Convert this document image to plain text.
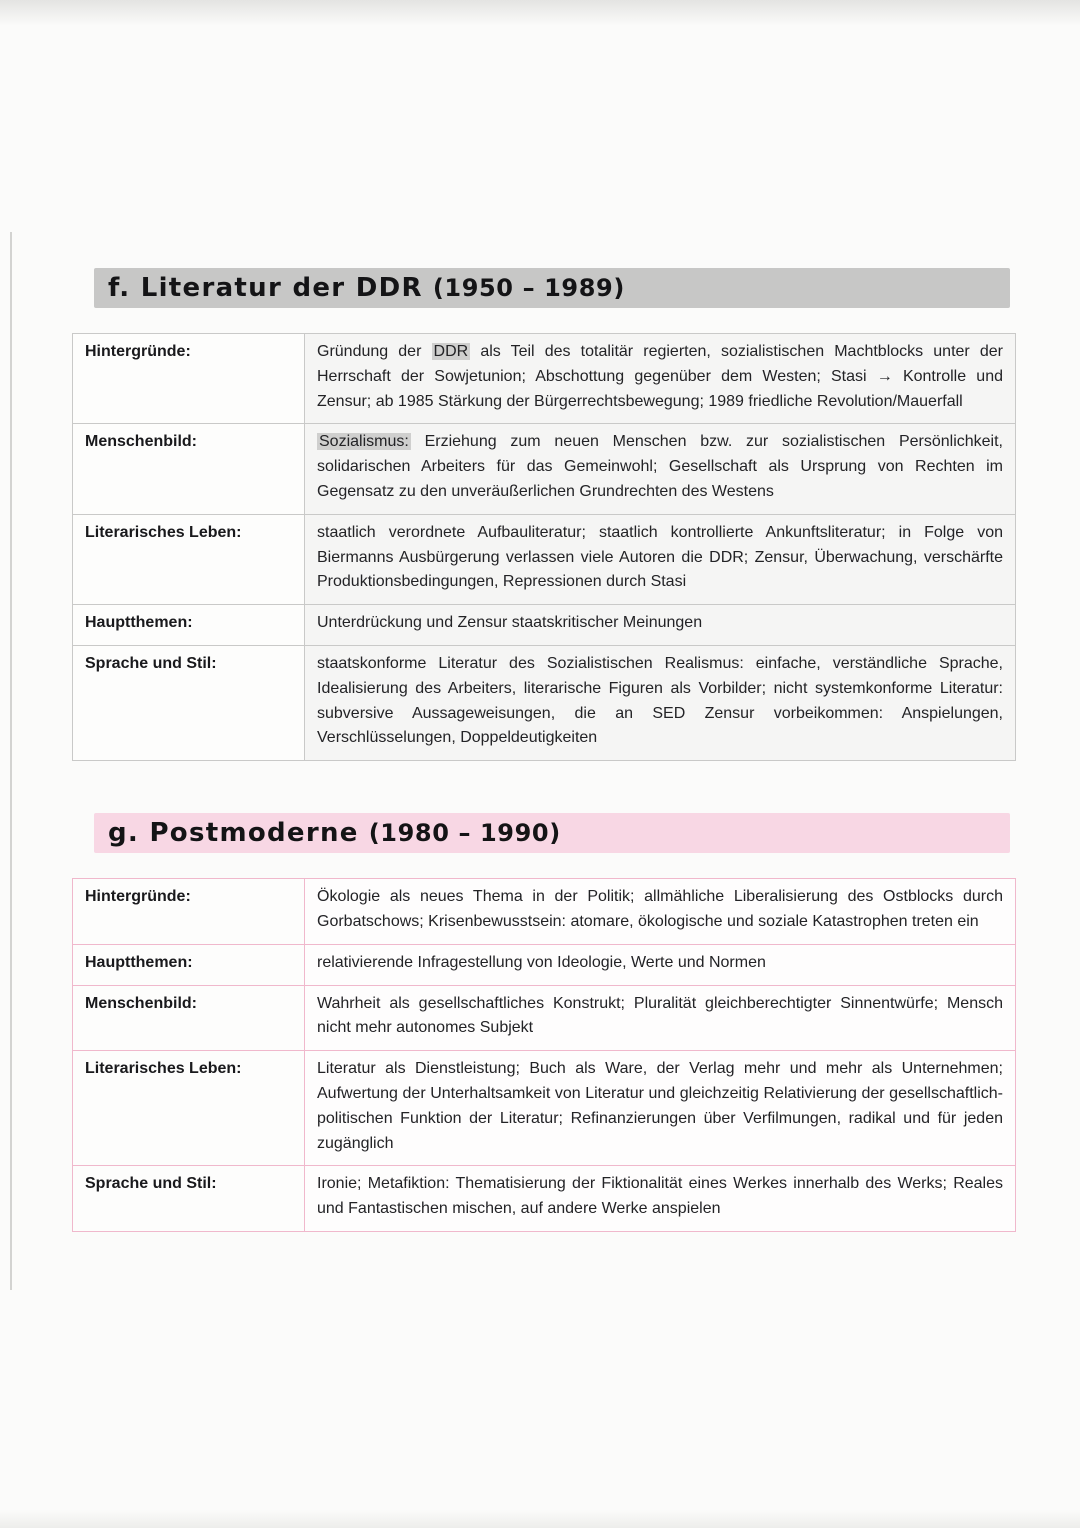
f. Literatur der DDR (1950 – 1989)
Hintergründe:	Gründung der DDR als Teil des totalitär regierten, sozialistischen Machtblocks unter der Herrschaft der Sowjetunion; Abschottung gegenüber dem Westen; Stasi → Kontrolle und Zensur; ab 1985 Stärkung der Bürgerrechtsbewegung; 1989 friedliche Revolution/Mauerfall
Menschenbild:	Sozialismus: Erziehung zum neuen Menschen bzw. zur sozialistischen Persönlichkeit, solidarischen Arbeiters für das Gemeinwohl; Gesellschaft als Ursprung von Rechten im Gegensatz zu den unveräußerlichen Grundrechten des Westens
Literarisches Leben:	staatlich verordnete Aufbauliteratur; staatlich kontrollierte Ankunftsliteratur; in Folge von Biermanns Ausbürgerung verlassen viele Autoren die DDR; Zensur, Überwachung, verschärfte Produktionsbedingungen, Repressionen durch Stasi
Hauptthemen:	Unterdrückung und Zensur staatskritischer Meinungen
Sprache und Stil:	staatskonforme Literatur des Sozialistischen Realismus: einfache, verständliche Sprache, Idealisierung des Arbeiters, literarische Figuren als Vorbilder; nicht systemkonforme Literatur: subversive Aussageweisungen, die an SED Zensur vorbeikommen: Anspielungen, Verschlüsselungen, Doppeldeutigkeiten
g. Postmoderne (1980 – 1990)
Hintergründe:	Ökologie als neues Thema in der Politik; allmähliche Liberalisierung des Ostblocks durch Gorbatschows; Krisenbewusstsein: atomare, ökologische und soziale Katastrophen treten ein
Hauptthemen:	relativierende Infragestellung von Ideologie, Werte und Normen
Menschenbild:	Wahrheit als gesellschaftliches Konstrukt; Pluralität gleichberechtigter Sinnentwürfe; Mensch nicht mehr autonomes Subjekt
Literarisches Leben:	Literatur als Dienstleistung; Buch als Ware, der Verlag mehr und mehr als Unternehmen; Aufwertung der Unterhaltsamkeit von Literatur und gleichzeitig Relativierung der gesellschaftlich-politischen Funktion der Literatur; Refinanzierungen über Verfilmungen, radikal und für jeden zugänglich
Sprache und Stil:	Ironie; Metafiktion: Thematisierung der Fiktionalität eines Werkes innerhalb des Werks; Reales und Fantastischen mischen, auf andere Werke anspielen
